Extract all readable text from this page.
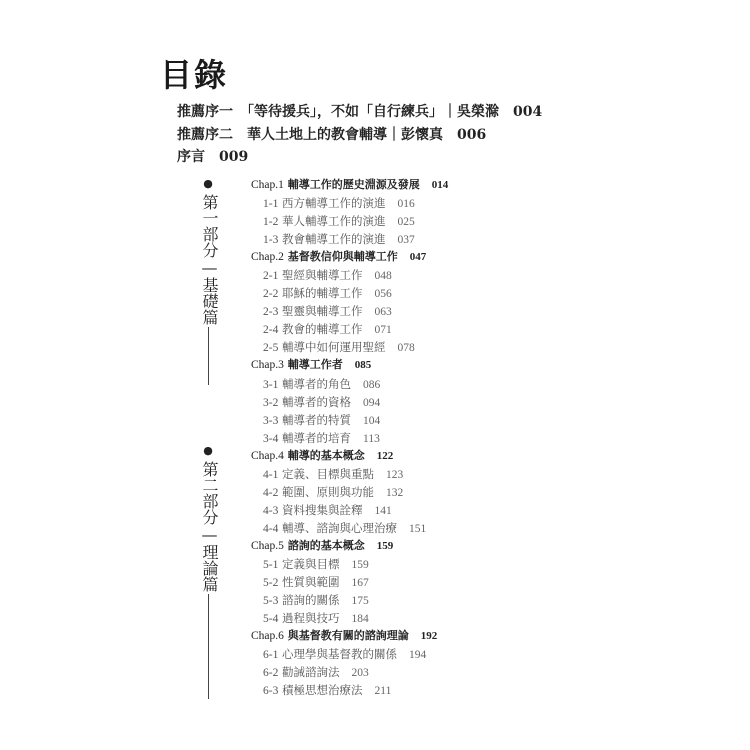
目錄
推薦序一　「等待援兵」，不如「自行練兵」｜吳榮滁 004
推薦序二　華人土地上的教會輔導｜彭懷真 006
序言 009
●
第一部分—基礎篇
●
第二部分—理論篇
Chap.1 輔導工作的歷史淵源及發展 014
1-1 西方輔導工作的演進 016
1-2 華人輔導工作的演進 025
1-3 教會輔導工作的演進 037
Chap.2 基督教信仰與輔導工作 047
2-1 聖經與輔導工作 048
2-2 耶穌的輔導工作 056
2-3 聖靈與輔導工作 063
2-4 教會的輔導工作 071
2-5 輔導中如何運用聖經 078
Chap.3 輔導工作者 085
3-1 輔導者的角色 086
3-2 輔導者的資格 094
3-3 輔導者的特質 104
3-4 輔導者的培育 113
Chap.4 輔導的基本概念 122
4-1 定義、目標與重點 123
4-2 範圍、原則與功能 132
4-3 資料搜集與詮釋 141
4-4 輔導、諮詢與心理治療 151
Chap.5 諮詢的基本概念 159
5-1 定義與目標 159
5-2 性質與範圍 167
5-3 諮詢的關係 175
5-4 過程與技巧 184
Chap.6 與基督教有關的諮詢理論 192
6-1 心理學與基督教的關係 194
6-2 勸誡諮詢法 203
6-3 積極思想治療法 211
